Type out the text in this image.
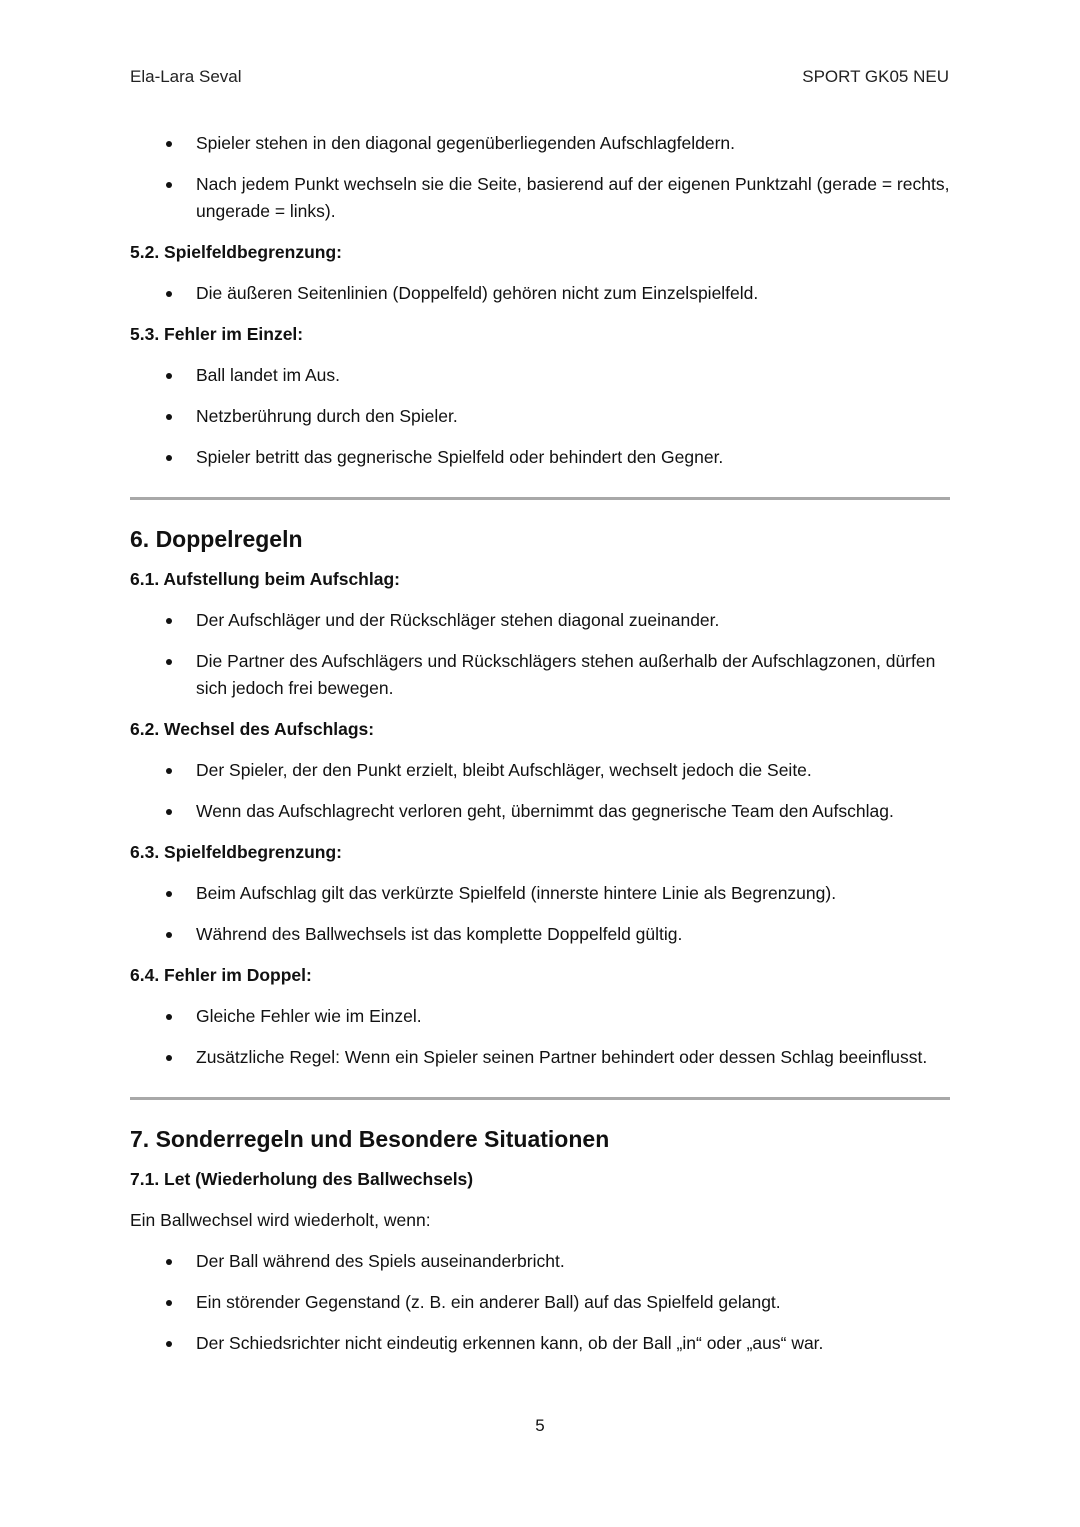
Ela-Lara Seval	SPORT GK05 NEU
Spieler stehen in den diagonal gegenüberliegenden Aufschlagfeldern.
Nach jedem Punkt wechseln sie die Seite, basierend auf der eigenen Punktzahl (gerade = rechts, ungerade = links).
5.2. Spielfeldbegrenzung:
Die äußeren Seitenlinien (Doppelfeld) gehören nicht zum Einzelspielfeld.
5.3. Fehler im Einzel:
Ball landet im Aus.
Netzberührung durch den Spieler.
Spieler betritt das gegnerische Spielfeld oder behindert den Gegner.
6. Doppelregeln
6.1. Aufstellung beim Aufschlag:
Der Aufschläger und der Rückschläger stehen diagonal zueinander.
Die Partner des Aufschlägers und Rückschlägers stehen außerhalb der Aufschlagzonen, dürfen sich jedoch frei bewegen.
6.2. Wechsel des Aufschlags:
Der Spieler, der den Punkt erzielt, bleibt Aufschläger, wechselt jedoch die Seite.
Wenn das Aufschlagrecht verloren geht, übernimmt das gegnerische Team den Aufschlag.
6.3. Spielfeldbegrenzung:
Beim Aufschlag gilt das verkürzte Spielfeld (innerste hintere Linie als Begrenzung).
Während des Ballwechsels ist das komplette Doppelfeld gültig.
6.4. Fehler im Doppel:
Gleiche Fehler wie im Einzel.
Zusätzliche Regel: Wenn ein Spieler seinen Partner behindert oder dessen Schlag beeinflusst.
7. Sonderregeln und Besondere Situationen
7.1. Let (Wiederholung des Ballwechsels)
Ein Ballwechsel wird wiederholt, wenn:
Der Ball während des Spiels auseinanderbricht.
Ein störender Gegenstand (z. B. ein anderer Ball) auf das Spielfeld gelangt.
Der Schiedsrichter nicht eindeutig erkennen kann, ob der Ball „in“ oder „aus“ war.
5
